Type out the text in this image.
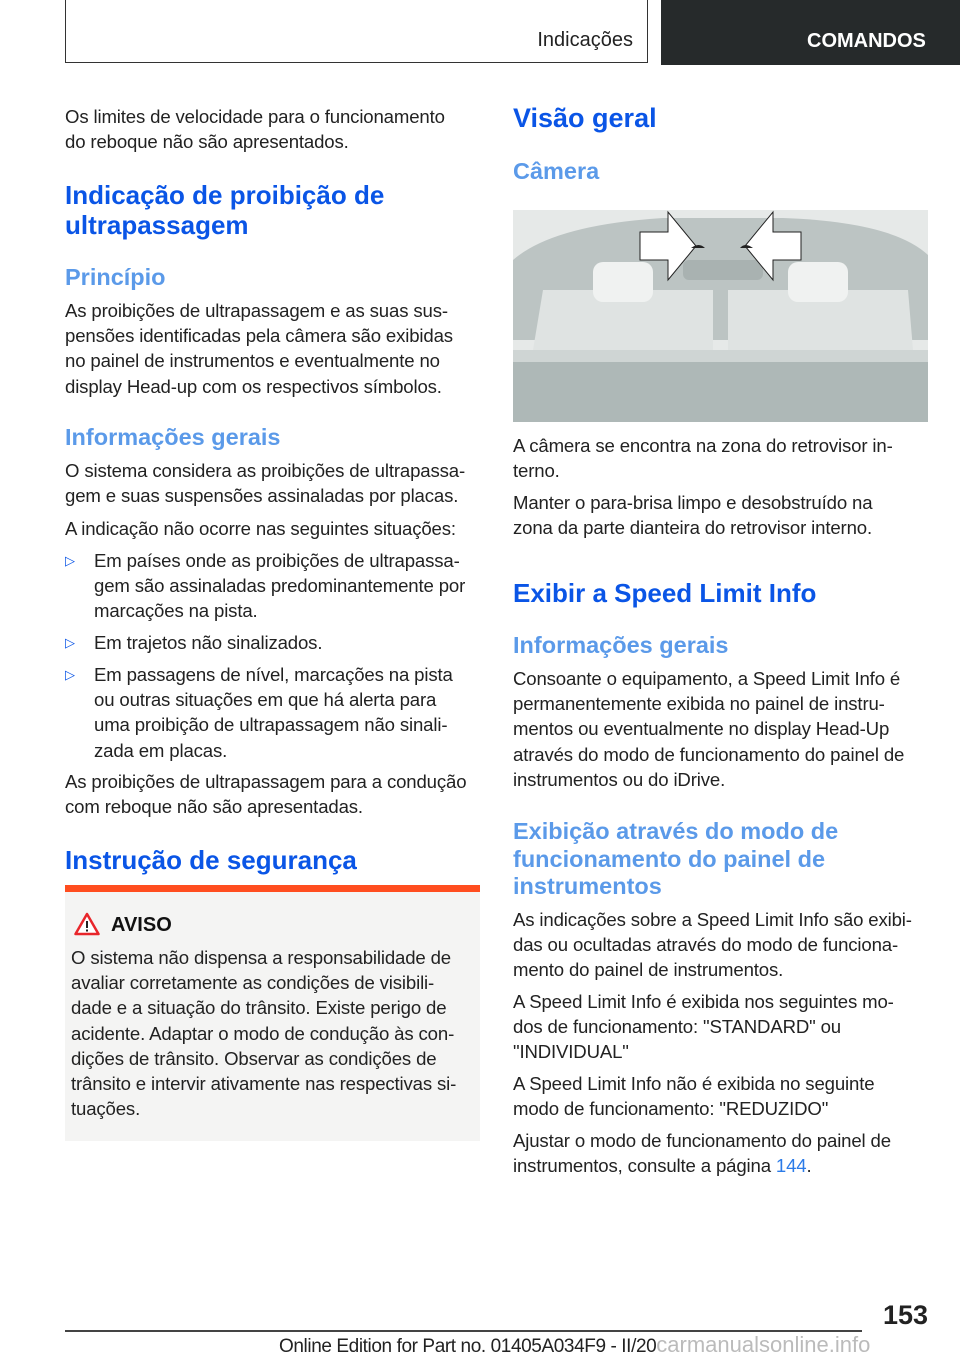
Indicações	COMANDOS
Os limites de velocidade para o funcionamento
do reboque não são apresentados.
Indicação de proibição de
ultrapassagem
Princípio
As proibições de ultrapassagem e as suas sus-
pensões identificadas pela câmera são exibidas
no painel de instrumentos e eventualmente no
display Head-up com os respectivos símbolos.
Informações gerais
O sistema considera as proibições de ultrapassa-
gem e suas suspensões assinaladas por placas.
A indicação não ocorre nas seguintes situações:
▷ Em países onde as proibições de ultrapassa-
gem são assinaladas predominantemente por
marcações na pista.
▷ Em trajetos não sinalizados.
▷ Em passagens de nível, marcações na pista
ou outras situações em que há alerta para
uma proibição de ultrapassagem não sinali-
zada em placas.
As proibições de ultrapassagem para a condução
com reboque não são apresentadas.
Instrução de segurança
AVISO
O sistema não dispensa a responsabilidade de
avaliar corretamente as condições de visibili-
dade e a situação do trânsito. Existe perigo de
acidente. Adaptar o modo de condução às con-
dições de trânsito. Observar as condições de
trânsito e intervir ativamente nas respectivas si-
tuações.
Visão geral
Câmera
A câmera se encontra na zona do retrovisor in-
terno.
Manter o para-brisa limpo e desobstruído na
zona da parte dianteira do retrovisor interno.
Exibir a Speed Limit Info
Informações gerais
Consoante o equipamento, a Speed Limit Info é
permanentemente exibida no painel de instru-
mentos ou eventualmente no display Head-Up
através do modo de funcionamento do painel de
instrumentos ou do iDrive.
Exibição através do modo de
funcionamento do painel de
instrumentos
As indicações sobre a Speed Limit Info são exibi-
das ou ocultadas através do modo de funciona-
mento do painel de instrumentos.
A Speed Limit Info é exibida nos seguintes mo-
dos de funcionamento: "STANDARD" ou
"INDIVIDUAL"
A Speed Limit Info não é exibida no seguinte
modo de funcionamento: "REDUZIDO"
Ajustar o modo de funcionamento do painel de
instrumentos, consulte a página 144.
153
Online Edition for Part no. 01405A034F9 - II/20carmanualsonline.info
